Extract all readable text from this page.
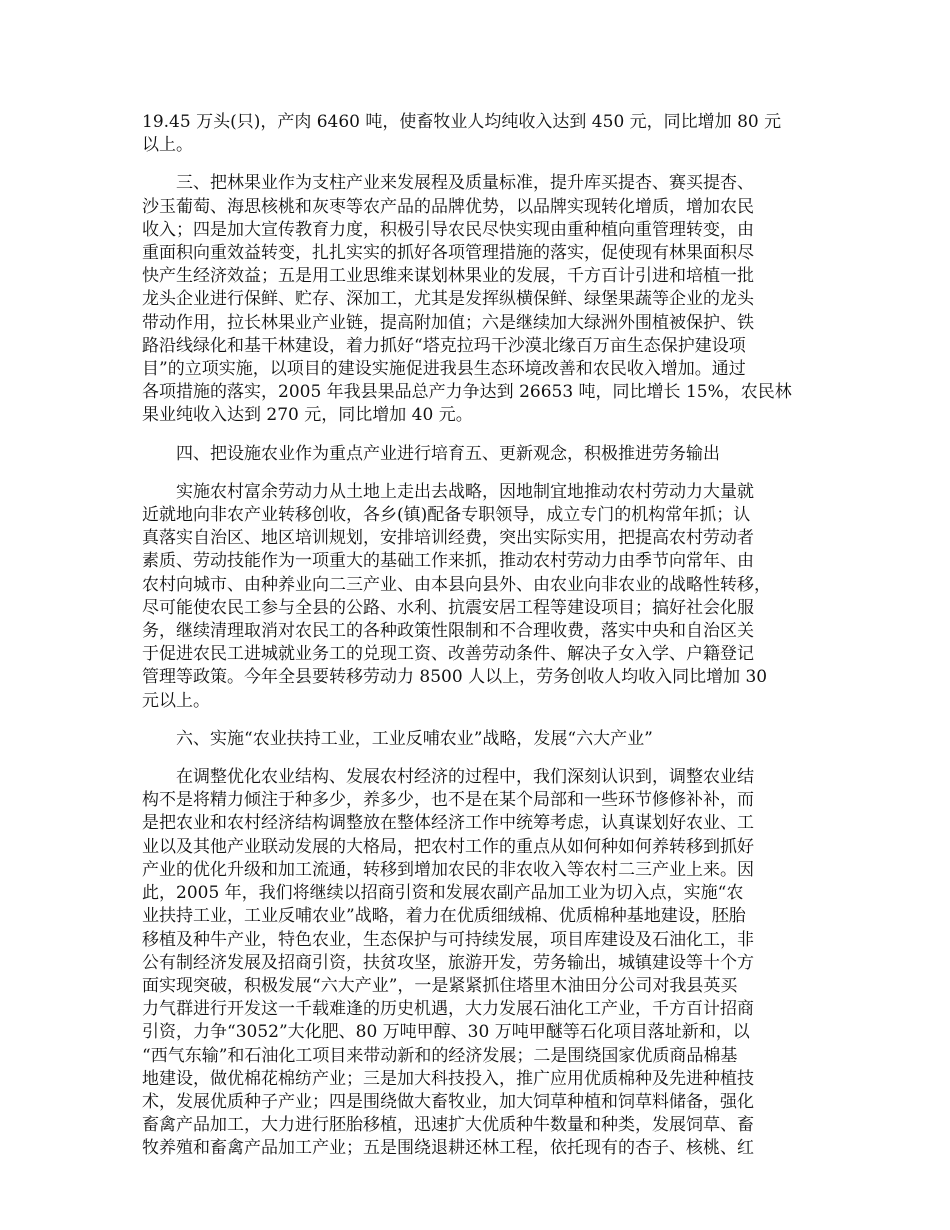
19.45 万头(只)，产肉 6460 吨，使畜牧业人均纯收入达到 450 元，同比增加 80 元
以上。
三、把林果业作为支柱产业来发展程及质量标准，提升库买提杏、赛买提杏、
沙玉葡萄、海思核桃和灰枣等农产品的品牌优势，以品牌实现转化增质，增加农民
收入；四是加大宣传教育力度，积极引导农民尽快实现由重种植向重管理转变，由
重面积向重效益转变，扎扎实实的抓好各项管理措施的落实，促使现有林果面积尽
快产生经济效益；五是用工业思维来谋划林果业的发展，千方百计引进和培植一批
龙头企业进行保鲜、贮存、深加工，尤其是发挥纵横保鲜、绿堡果蔬等企业的龙头
带动作用，拉长林果业产业链，提高附加值；六是继续加大绿洲外围植被保护、铁
路沿线绿化和基干林建设，着力抓好“塔克拉玛干沙漠北缘百万亩生态保护建设项
目”的立项实施，以项目的建设实施促进我县生态环境改善和农民收入增加。通过
各项措施的落实，2005 年我县果品总产力争达到 26653 吨，同比增长 15%，农民林
果业纯收入达到 270 元，同比增加 40 元。
四、把设施农业作为重点产业进行培育五、更新观念，积极推进劳务输出
实施农村富余劳动力从土地上走出去战略，因地制宜地推动农村劳动力大量就
近就地向非农产业转移创收，各乡(镇)配备专职领导，成立专门的机构常年抓；认
真落实自治区、地区培训规划，安排培训经费，突出实际实用，把提高农村劳动者
素质、劳动技能作为一项重大的基础工作来抓，推动农村劳动力由季节向常年、由
农村向城市、由种养业向二三产业、由本县向县外、由农业向非农业的战略性转移，
尽可能使农民工参与全县的公路、水利、抗震安居工程等建设项目；搞好社会化服
务，继续清理取消对农民工的各种政策性限制和不合理收费，落实中央和自治区关
于促进农民工进城就业务工的兑现工资、改善劳动条件、解决子女入学、户籍登记
管理等政策。今年全县要转移劳动力 8500 人以上，劳务创收人均收入同比增加 30
元以上。
六、实施“农业扶持工业，工业反哺农业”战略，发展“六大产业”
在调整优化农业结构、发展农村经济的过程中，我们深刻认识到，调整农业结
构不是将精力倾注于种多少，养多少，也不是在某个局部和一些环节修修补补，而
是把农业和农村经济结构调整放在整体经济工作中统筹考虑，认真谋划好农业、工
业以及其他产业联动发展的大格局，把农村工作的重点从如何种如何养转移到抓好
产业的优化升级和加工流通，转移到增加农民的非农收入等农村二三产业上来。因
此，2005 年，我们将继续以招商引资和发展农副产品加工业为切入点，实施“农
业扶持工业，工业反哺农业”战略，着力在优质细绒棉、优质棉种基地建设，胚胎
移植及种牛产业，特色农业，生态保护与可持续发展，项目库建设及石油化工，非
公有制经济发展及招商引资，扶贫攻坚，旅游开发，劳务输出，城镇建设等十个方
面实现突破，积极发展“六大产业”，一是紧紧抓住塔里木油田分公司对我县英买
力气群进行开发这一千载难逢的历史机遇，大力发展石油化工产业，千方百计招商
引资，力争“3052”大化肥、80 万吨甲醇、30 万吨甲醚等石化项目落址新和，以
“西气东输”和石油化工项目来带动新和的经济发展；二是围绕国家优质商品棉基
地建设，做优棉花棉纺产业；三是加大科技投入，推广应用优质棉种及先进种植技
术，发展优质种子产业；四是围绕做大畜牧业，加大饲草种植和饲草料储备，强化
畜禽产品加工，大力进行胚胎移植，迅速扩大优质种牛数量和种类，发展饲草、畜
牧养殖和畜禽产品加工产业；五是围绕退耕还林工程，依托现有的杏子、核桃、红
